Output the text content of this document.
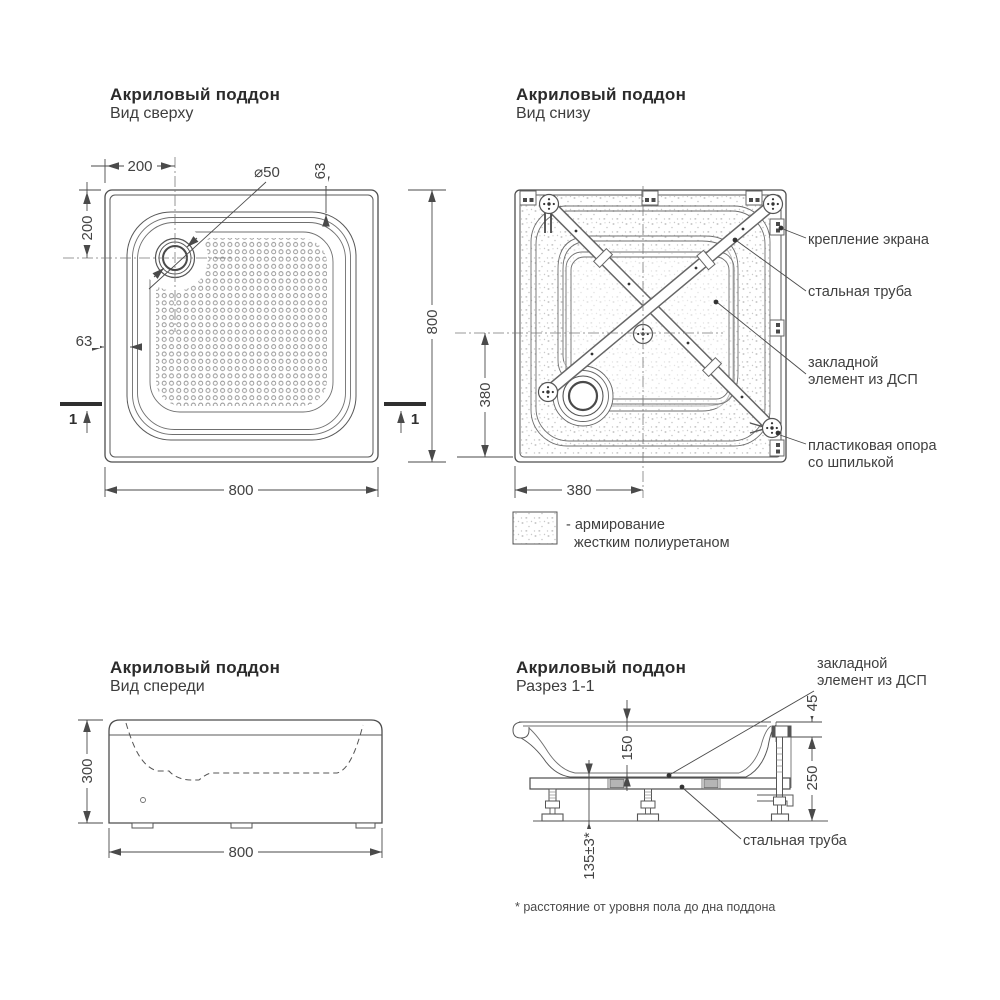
Акриловый поддон
Вид сверху
Акриловый поддон
Вид снизу
Акриловый поддон
Вид спереди
Акриловый поддон
Разрез 1-1
⌀50
200
200
63
63
800
800
1	1
380
380
крепление экрана
стальная труба
закладной
элемент из ДСП
пластиковая опора
со шпилькой
- армирование
жестким полиуретаном
300
800
150
45
250
135±3*
закладной
элемент из ДСП
стальная труба
* расстояние от уровня пола до дна поддона
